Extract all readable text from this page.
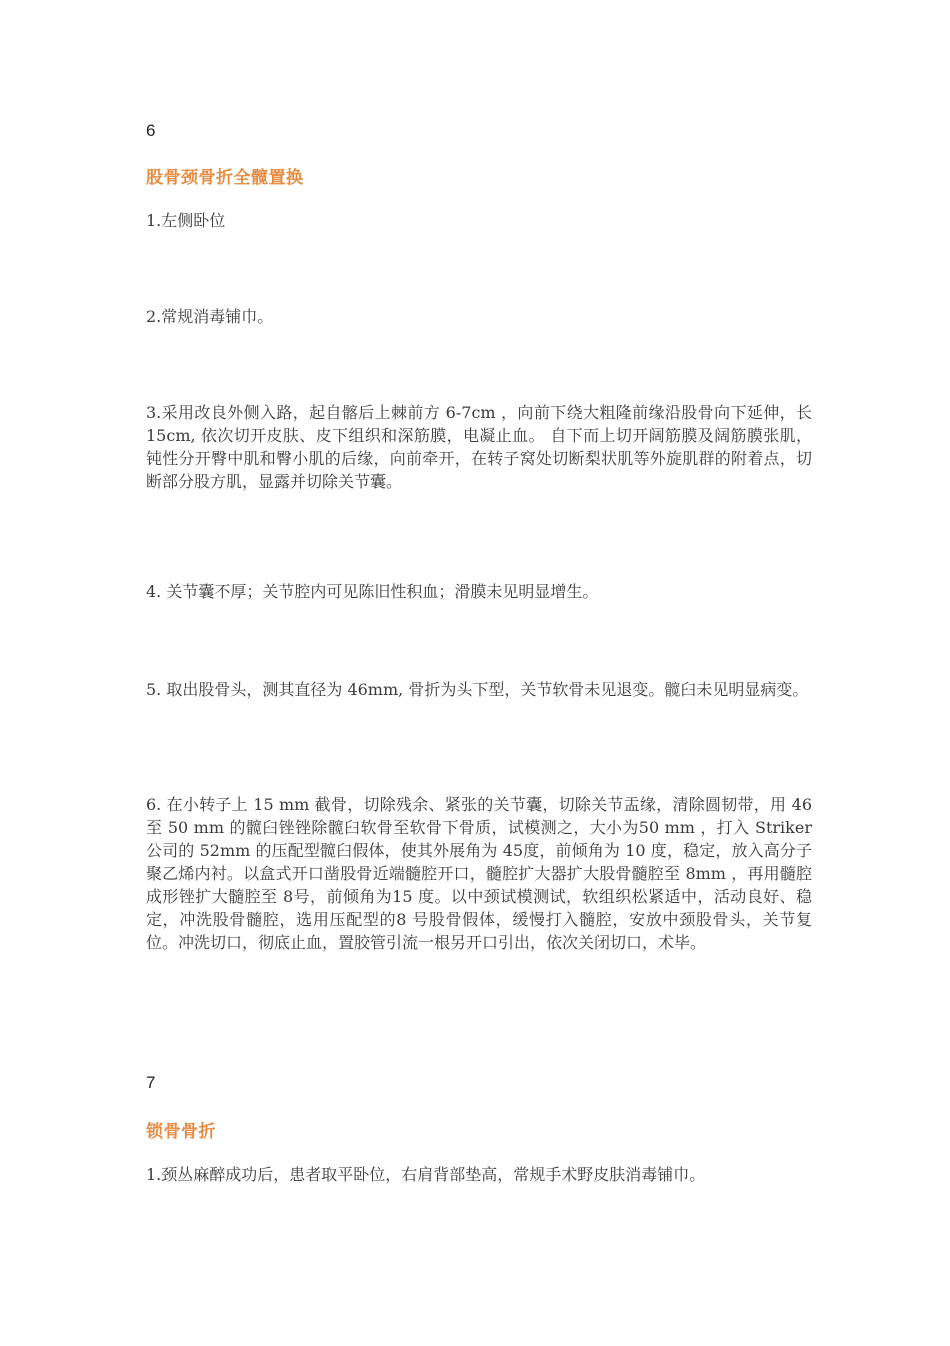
6
股骨颈骨折全髋置换
1.左侧卧位
2.常规消毒铺巾。
3.采用改良外侧入路，起自髂后上棘前方 6-7cm ，向前下绕大粗隆前缘沿股骨向下延伸，长 15cm, 依次切开皮肤、皮下组织和深筋膜，电凝止血。 自下而上切开阔筋膜及阔筋膜张肌，钝性分开臀中肌和臀小肌的后缘，向前牵开，在转子窝处切断梨状肌等外旋肌群的附着点，切断部分股方肌，显露并切除关节囊。
4. 关节囊不厚；关节腔内可见陈旧性积血；滑膜未见明显增生。
5. 取出股骨头，测其直径为 46mm, 骨折为头下型，关节软骨未见退变。髋臼未见明显病变。
6. 在小转子上 15 mm 截骨，切除残余、紧张的关节囊，切除关节盂缘，清除圆韧带，用 46 至 50 mm 的髋臼锉锉除髋臼软骨至软骨下骨质，试模测之，大小为50 mm ，打入 Striker 公司的 52mm 的压配型髋臼假体，使其外展角为 45度，前倾角为 10 度，稳定，放入高分子聚乙烯内衬。以盒式开口凿股骨近端髓腔开口，髓腔扩大器扩大股骨髓腔至 8mm ，再用髓腔成形锉扩大髓腔至 8号，前倾角为15 度。以中颈试模测试，软组织松紧适中，活动良好、稳定，冲洗股骨髓腔，选用压配型的8 号股骨假体，缓慢打入髓腔，安放中颈股骨头，关节复位。冲洗切口，彻底止血，置胶管引流一根另开口引出，依次关闭切口，术毕。
7
锁骨骨折
1.颈丛麻醉成功后，患者取平卧位，右肩背部垫高，常规手术野皮肤消毒铺巾。
